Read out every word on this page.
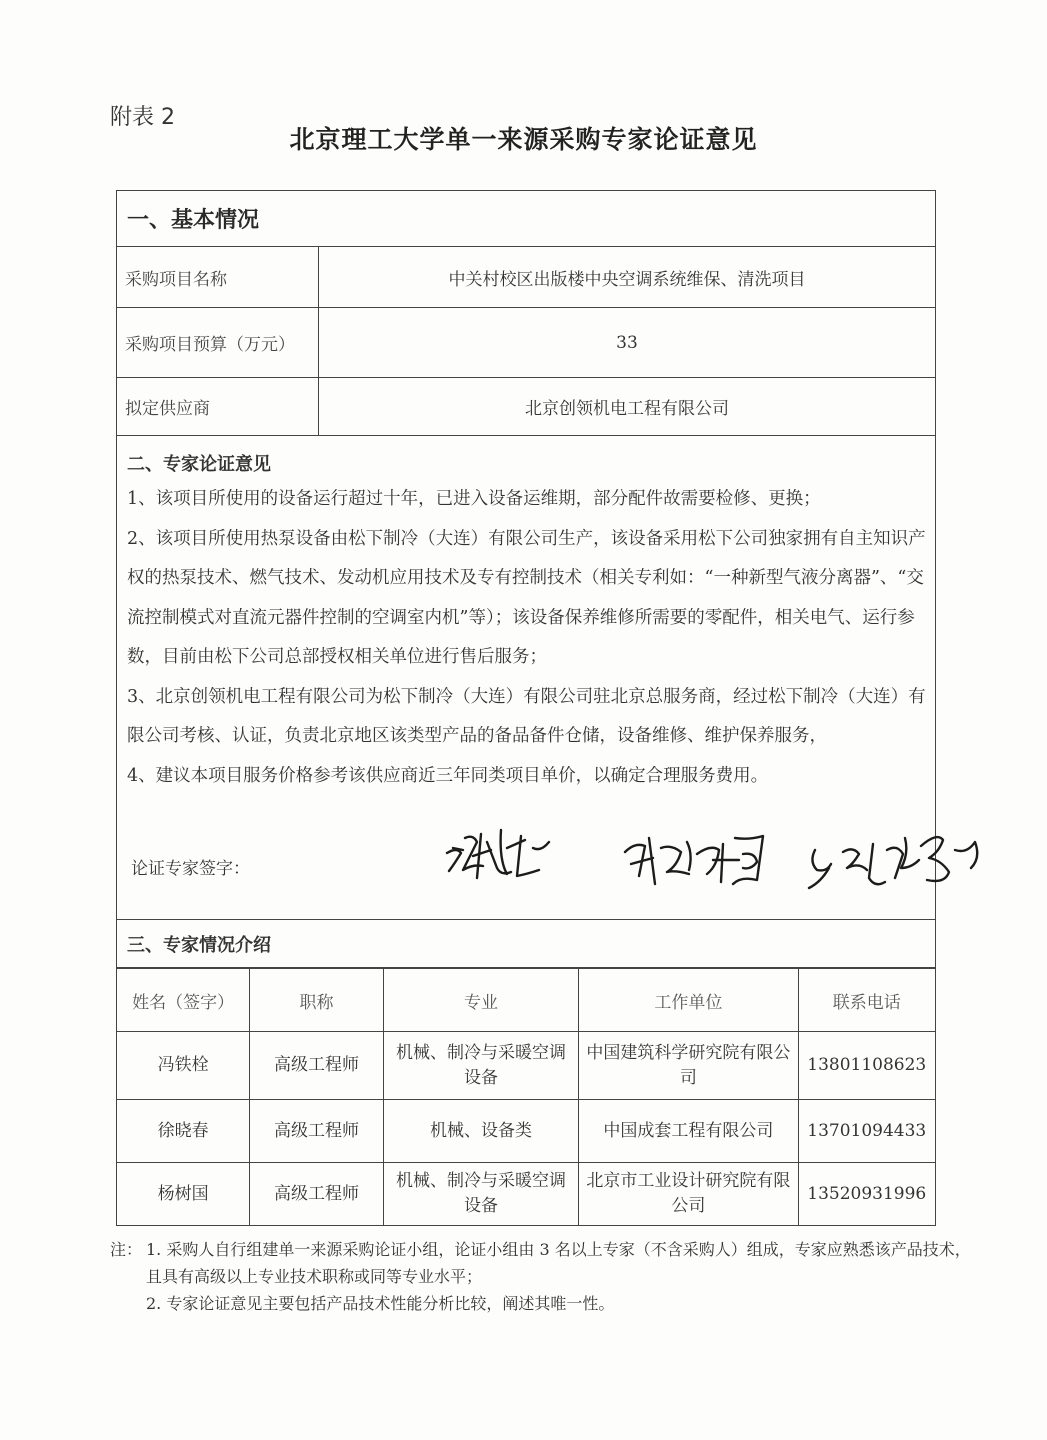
附表 2
北京理工大学单一来源采购专家论证意见
一、基本情况
采购项目名称	中关村校区出版楼中央空调系统维保、清洗项目
采购项目预算（万元）	33
拟定供应商	北京创领机电工程有限公司
二、专家论证意见

1、该项目所使用的设备运行超过十年，已进入设备运维期，部分配件故需要检修、更换；

2、该项目所使用热泵设备由松下制冷（大连）有限公司生产，该设备采用松下公司独家拥有自主知识产权的热泵技术、燃气技术、发动机应用技术及专有控制技术（相关专利如：“一种新型气液分离器”、“交流控制模式对直流元器件控制的空调室内机”等）；该设备保养维修所需要的零配件，相关电气、运行参数，目前由松下公司总部授权相关单位进行售后服务；

3、北京创领机电工程有限公司为松下制冷（大连）有限公司驻北京总服务商，经过松下制冷（大连）有限公司考核、认证，负责北京地区该类型产品的备品备件仓储，设备维修、维护保养服务，

4、建议本项目服务价格参考该供应商近三年同类项目单价，以确定合理服务费用。

论证专家签字：
三、专家情况介绍
姓名（签字）	职称	专业	工作单位	联系电话
冯铁栓	高级工程师	机械、制冷与采暖空调设备	中国建筑科学研究院有限公司	13801108623
徐晓春	高级工程师	机械、设备类	中国成套工程有限公司	13701094433
杨树国	高级工程师	机械、制冷与采暖空调设备	北京市工业设计研究院有限公司	13520931996
注： 1. 采购人自行组建单一来源采购论证小组，论证小组由 3 名以上专家（不含采购人）组成，专家应熟悉该产品技术，且具有高级以上专业技术职称或同等专业水平；
2. 专家论证意见主要包括产品技术性能分析比较，阐述其唯一性。
